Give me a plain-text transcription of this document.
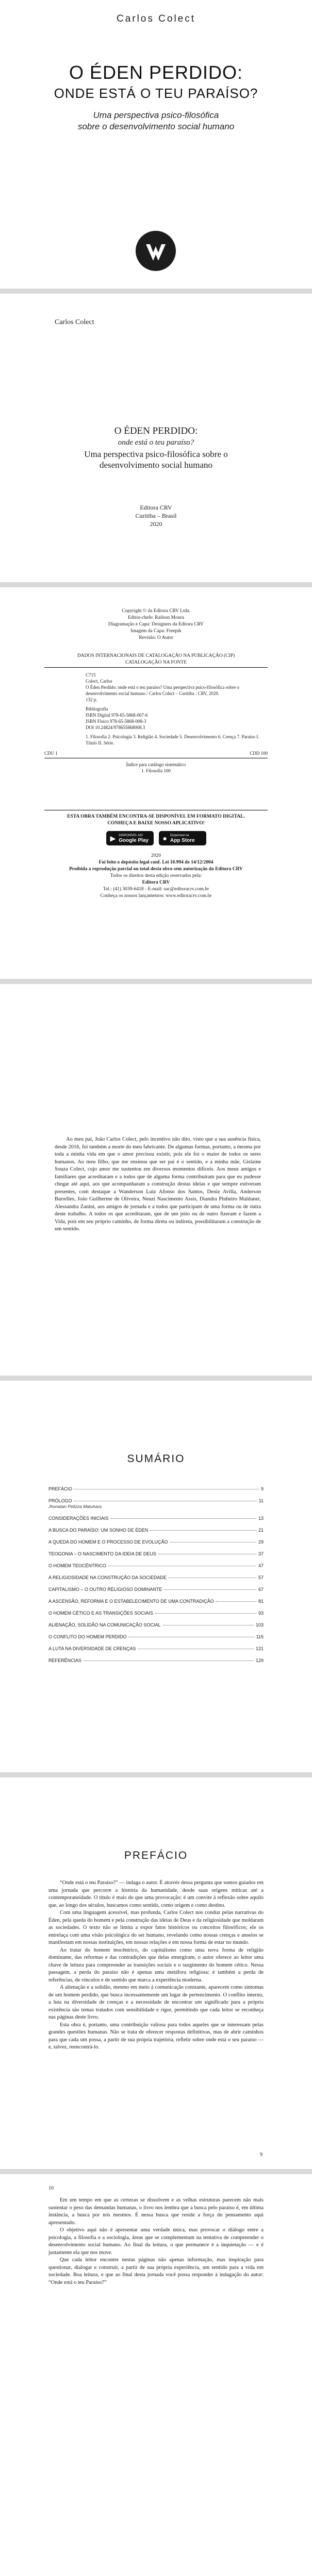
Carlos Colect
O ÉDEN PERDIDO:
ONDE ESTÁ O TEU PARAÍSO?
Uma perspectiva psico-filosófica
sobre o desenvolvimento social humano
Carlos Colect
O ÉDEN PERDIDO:
onde está o teu paraíso?
Uma perspectiva psico-filosófica sobre o
desenvolvimento social humano
Editora CRV
Curitiba – Brasil
2020
Copyright © da Editora CRV Ltda.
Editor-chefe: Railson Moura
Diagramação e Capa: Designers da Editora CRV
Imagem da Capa: Freepik
Revisão: O Autor
DADOS INTERNACIONAIS DE CATALOGAÇÃO NA PUBLICAÇÃO (CIP)
CATALOGAÇÃO NA FONTE
C715
Colect, Carlos
O Éden Perdido: onde está o teu paraíso? Uma perspectiva psico-filosófica sobre o desenvolvimento social humano / Carlos Colect – Curitiba : CRV, 2020.
132 p.
Bibliografia
ISBN Digital 978-65-5868-007-6
ISBN Físico 978-65-5868-008-3
DOI 10.24824/978655868008.3
1. Filosofia 2. Psicologia 3. Religião 4. Sociedade 5. Desenvolvimento 6. Crença 7. Paraíso I. Título II. Série.
CDU 1	CDD 100
Índice para catálogo sistemático
1. Filosofia 100
ESTA OBRA TAMBÉM ENCONTRA-SE DISPONÍVEL EM FORMATO DIGITAL.
CONHEÇA E BAIXE NOSSO APLICATIVO!
▶ DISPONÍVEL NO
Google Play ● Disponível na
App Store
2020
Foi feito o depósito legal conf. Lei 10.994 de 14/12/2004
Proibida a reprodução parcial ou total desta obra sem autorização da Editora CRV
Todos os direitos desta edição reservados pela:
Editora CRV
Tel.: (41) 3039-6418 - E-mail: sac@editoracrv.com.br
Conheça os nossos lançamentos: www.editoracrv.com.br
Ao meu pai, João Carlos Colect, pelo incentivo não dito, visto que a sua ausência física, desde 2016, foi também a morte do meu fabricante. De algumas formas, portanto, a mesma por toda a minha vida em que o amor precisou existir, pois ele foi o maior de todos os seres humanos. Ao meu filho, que me ensinou que ser pai é o sentido, e a minha mãe, Gislaine Souza Colect, cujo amor me sustentou em diversos momentos difíceis. Aos meus amigos e familiares que acreditaram e a todos que de alguma forma contribuíram para que eu pudesse chegar até aqui, aos que acompanharam a construção destas ideias e que sempre estiveram presentes, com destaque a Wanderson Luiz Afonso dos Santos, Deniz Avilla, Anderson Barrelles, João Guilherme de Oliveira, Neuzi Nascimento Assis, Diandra Pinheiro Maldaner, Alessandra Zanini, aos amigos de jornada e a todos que participam de uma forma ou de outra deste trabalho. A todos os que acreditaram, que de um jeito ou de outro fizeram e fazem a Vida, pois em seu próprio caminho, de forma direta ou indireta, possibilitaram a construção de um sentido.
SUMÁRIO
PREFÁCIO	9
PRÓLOGO	11
Jhonatan Pelizza Matuhara
CONSIDERAÇÕES INICIAIS	13
A BUSCA DO PARAÍSO: UM SONHO DE ÉDEN	21
A QUEDA DO HOMEM E O PROCESSO DE EVOLUÇÃO	29
TEOGONIA – O NASCIMENTO DA IDEIA DE DEUS	37
O HOMEM TEOCÊNTRICO	47
A RELIGIOSIDADE NA CONSTRUÇÃO DA SOCIEDADE	57
CAPITALISMO – O OUTRO RELIGIOSO DOMINANTE	67
A ASCENSÃO, REFORMA E O ESTABELECIMENTO DE UMA CONTRADIÇÃO	81
O HOMEM CÉTICO E AS TRANSIÇÕES SOCIAIS	93
ALIENAÇÃO, SOLIDÃO NA COMUNICAÇÃO SOCIAL	103
O CONFLITO DO HOMEM PERDIDO	115
A LUTA NA DIVERSIDADE DE CRENÇAS	121
REFERÊNCIAS	129
PREFÁCIO

“Onde está o teu Paraíso?” — indaga o autor. É através dessa pergunta que somos guiados em uma jornada que percorre a história da humanidade, desde suas origens míticas até a contemporaneidade. O título é mais do que uma provocação: é um convite à reflexão sobre aquilo que, ao longo dos séculos, buscamos como sentido, como origem e como destino.

Com uma linguagem acessível, mas profunda, Carlos Colect nos conduz pelas narrativas do Éden, pela queda do homem e pela construção das ideias de Deus e da religiosidade que moldaram as sociedades. O texto não se limita a expor fatos históricos ou conceitos filosóficos; ele os entrelaça com uma visão psicológica do ser humano, revelando como nossas crenças e anseios se manifestam em nossas instituições, em nossas relações e em nossa forma de estar no mundo.

Ao tratar do homem teocêntrico, do capitalismo como uma nova forma de religião dominante, das reformas e das contradições que delas emergiram, o autor oferece ao leitor uma chave de leitura para compreender as transições sociais e o surgimento do homem cético. Nessa passagem, a perda do paraíso não é apenas uma metáfora religiosa: é também a perda de referências, de vínculos e de sentido que marca a experiência moderna.

A alienação e a solidão, mesmo em meio à comunicação constante, aparecem como sintomas de um homem perdido, que busca incessantemente um lugar de pertencimento. O conflito interno, a luta na diversidade de crenças e a necessidade de encontrar um significado para a própria existência são temas tratados com sensibilidade e rigor, permitindo que cada leitor se reconheça nas páginas deste livro.

Esta obra é, portanto, uma contribuição valiosa para todos aqueles que se interessam pelas grandes questões humanas. Não se trata de oferecer respostas definitivas, mas de abrir caminhos para que cada um possa, a partir de sua própria trajetória, refletir sobre onde está o seu paraíso — e, talvez, reencontrá-lo.

9
10

Em um tempo em que as certezas se dissolvem e as velhas estruturas parecem não mais sustentar o peso das demandas humanas, o livro nos lembra que a busca pelo paraíso é, em última instância, a busca por nós mesmos. É nessa busca que reside a força do pensamento aqui apresentado.

O objetivo aqui não é apresentar uma verdade única, mas provocar o diálogo entre a psicologia, a filosofia e a sociologia, áreas que se complementam na tentativa de compreender o desenvolvimento social humano. Ao final da leitura, o que permanece é a inquietação — e é justamente ela que nos move.

Que cada leitor encontre nestas páginas não apenas informação, mas inspiração para questionar, dialogar e construir, a partir de sua própria experiência, um sentido para a vida em sociedade. Boa leitura, e que ao final desta jornada você possa responder à indagação do autor: “Onde está o teu Paraíso?”
